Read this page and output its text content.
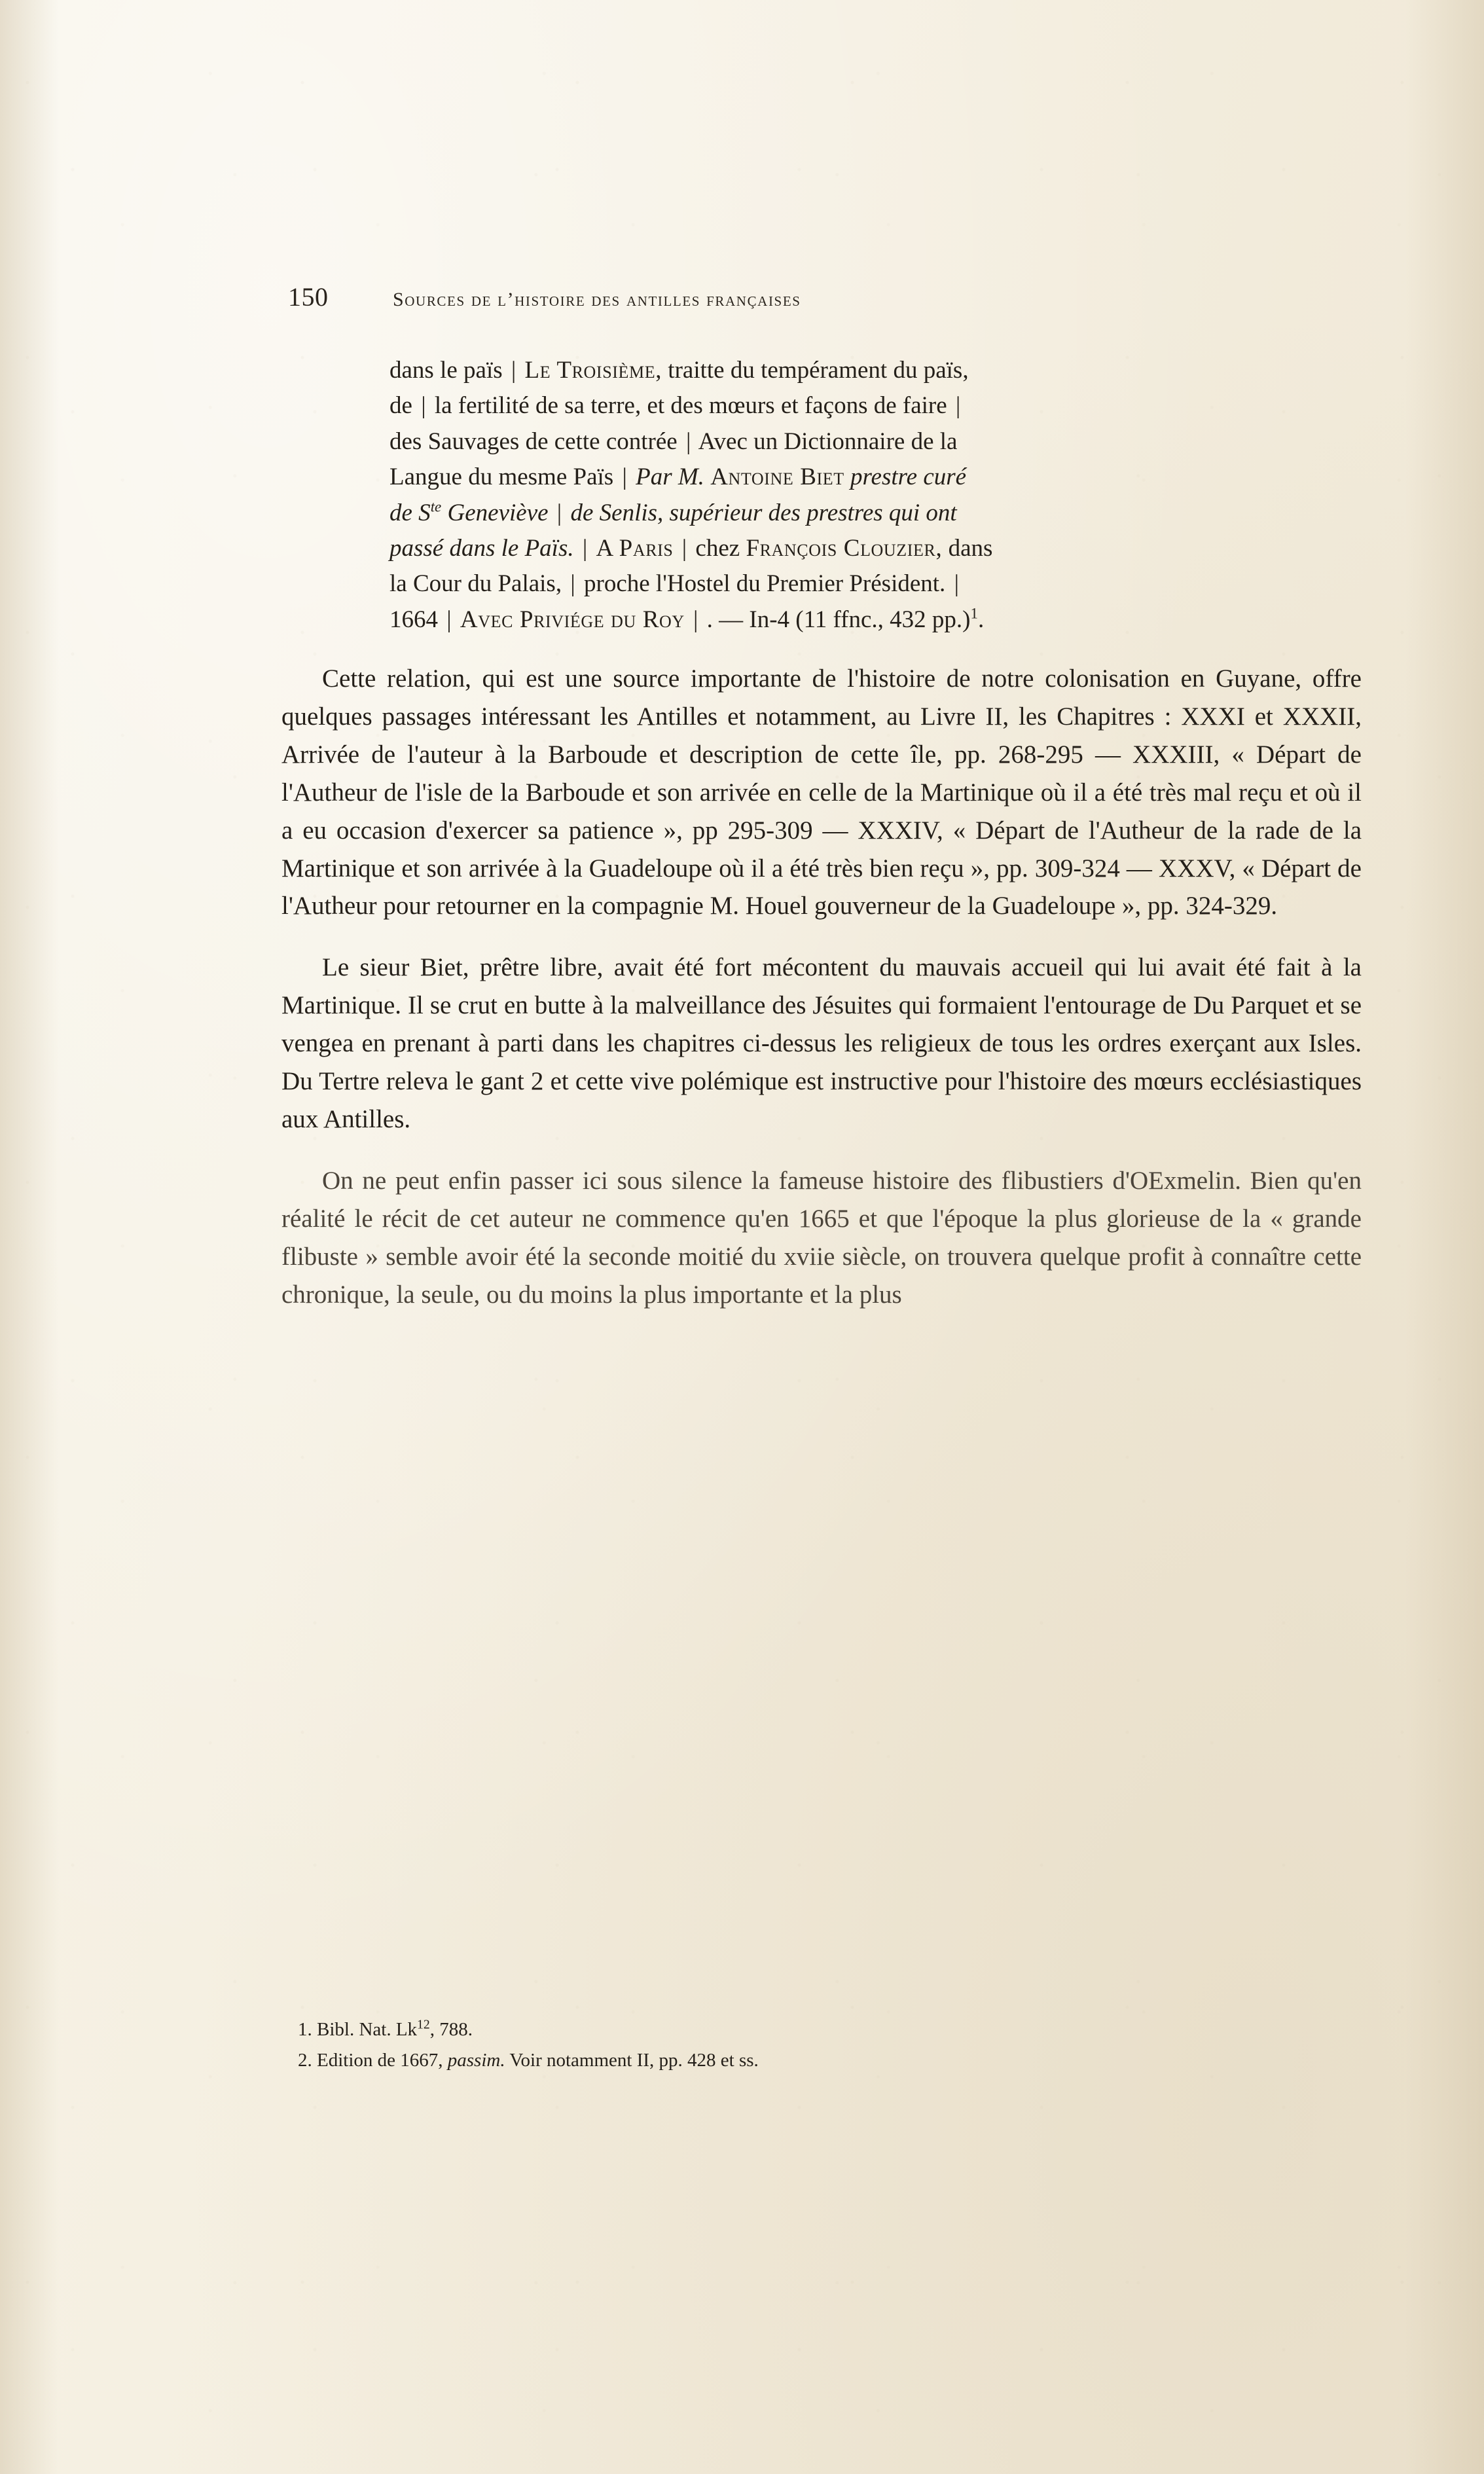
150	Sources de l’histoire des antilles françaises
dans le païs | Le Troisième, traitte du tempérament du païs,
de | la fertilité de sa terre, et des mœurs et façons de faire |
des Sauvages de cette contrée | Avec un Dictionnaire de la
Langue du mesme Païs | Par M. Antoine Biet prestre curé
de S$^{te}$ Geneviève | de Senlis, supérieur des prestres qui ont
passé dans le Païs. | A Paris | chez François Clouzier, dans
la Cour du Palais, | proche l'Hostel du Premier Président. |
1664 | Avec Priviége du Roy | . — In-4 (11 ffnc., 432 pp.)$^1$.

Cette relation, qui est une source importante de l'histoire de notre colonisation en Guyane, offre quelques passages intéressant les Antilles et notamment, au Livre II, les Chapitres : XXXI et XXXII, Arrivée de l'auteur à la Barboude et description de cette île, pp. 268-295 — XXXIII, « Départ de l'Autheur de l'isle de la Barboude et son arrivée en celle de la Martinique où il a été très mal reçu et où il a eu occasion d'exercer sa patience », pp 295-309 — XXXIV, « Départ de l'Autheur de la rade de la Martinique et son arrivée à la Guadeloupe où il a été très bien reçu », pp. 309-324 — XXXV, « Départ de l'Autheur pour retourner en la compagnie M. Houel gouverneur de la Guadeloupe », pp. 324-329.

Le sieur Biet, prêtre libre, avait été fort mécontent du mauvais accueil qui lui avait été fait à la Martinique. Il se crut en butte à la malveillance des Jésuites qui formaient l'entourage de Du Parquet et se vengea en prenant à parti dans les chapitres ci-dessus les religieux de tous les ordres exerçant aux Isles. Du Tertre releva le gant 2 et cette vive polémique est instructive pour l'histoire des mœurs ecclésiastiques aux Antilles.

On ne peut enfin passer ici sous silence la fameuse histoire des flibustiers d'OExmelin. Bien qu'en réalité le récit de cet auteur ne commence qu'en 1665 et que l'époque la plus glorieuse de la « grande flibuste » semble avoir été la seconde moitié du xviie siècle, on trouvera quelque profit à connaître cette chronique, la seule, ou du moins la plus importante et la plus

1. Bibl. Nat. Lk$^{12}$, 788.
2. Edition de 1667, passim. Voir notamment II, pp. 428 et ss.
